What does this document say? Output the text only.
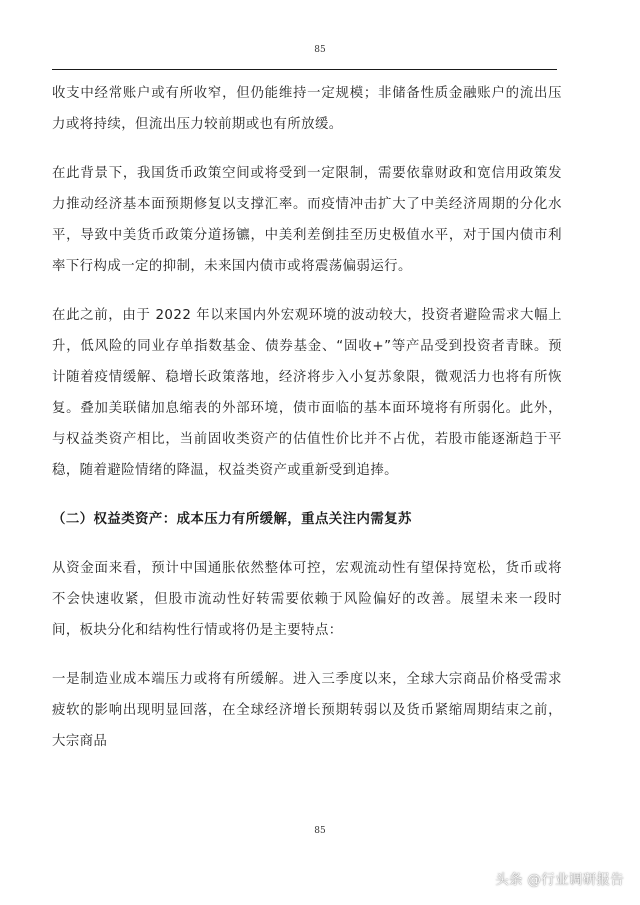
85

收支中经常账户或有所收窄，但仍能维持一定规模；非储备性质金融账户的流出压力或将持续，但流出压力较前期或也有所放缓。

在此背景下，我国货币政策空间或将受到一定限制，需要依靠财政和宽信用政策发力推动经济基本面预期修复以支撑汇率。而疫情冲击扩大了中美经济周期的分化水平，导致中美货币政策分道扬镳，中美利差倒挂至历史极值水平，对于国内债市利率下行构成一定的抑制，未来国内债市或将震荡偏弱运行。

在此之前，由于 2022 年以来国内外宏观环境的波动较大，投资者避险需求大幅上升，低风险的同业存单指数基金、债券基金、“固收+”等产品受到投资者青睐。预计随着疫情缓解、稳增长政策落地，经济将步入小复苏象限，微观活力也将有所恢复。叠加美联储加息缩表的外部环境，债市面临的基本面环境将有所弱化。此外，与权益类资产相比，当前固收类资产的估值性价比并不占优，若股市能逐渐趋于平稳，随着避险情绪的降温，权益类资产或重新受到追捧。

（二）权益类资产：成本压力有所缓解，重点关注内需复苏

从资金面来看，预计中国通胀依然整体可控，宏观流动性有望保持宽松，货币或将不会快速收紧，但股市流动性好转需要依赖于风险偏好的改善。展望未来一段时间，板块分化和结构性行情或将仍是主要特点：

一是制造业成本端压力或将有所缓解。进入三季度以来，全球大宗商品价格受需求疲软的影响出现明显回落，在全球经济增长预期转弱以及货币紧缩周期结束之前，大宗商品

85
头条 @行业调研报告
